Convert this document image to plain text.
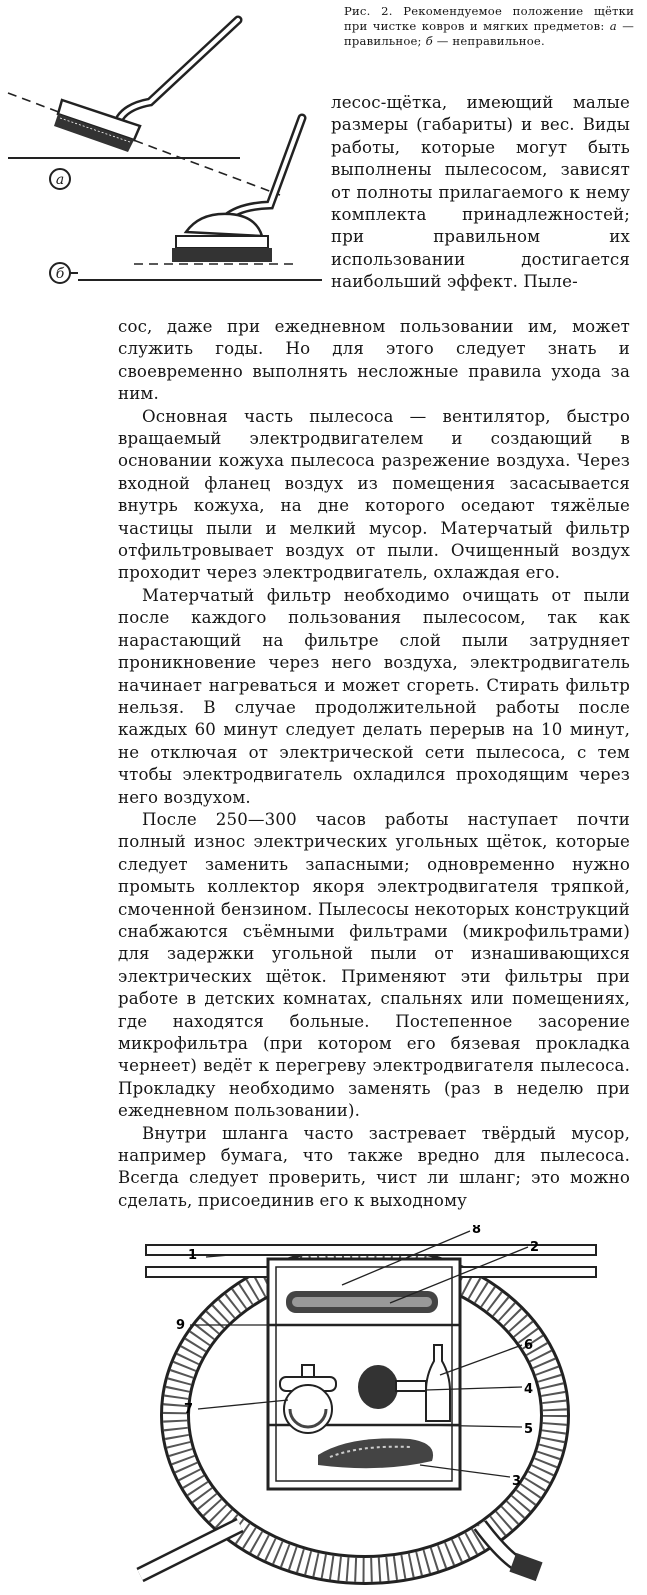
а
б
Рис. 2. Рекомендуемое положение щётки при чистке ковров и мягких предметов: а — правильное; б — неправильное.

лесос-щётка, имеющий малые размеры (габариты) и вес. Виды работы, которые могут быть выполнены пылесосом, зависят от полноты прилагаемого к нему комплекта принадлежностей; при правильном их использовании достигается наибольший эффект. Пыле-

сос, даже при ежедневном пользовании им, может служить годы. Но для этого следует знать и своевременно выполнять несложные правила ухода за ним.

Основная часть пылесоса — вентилятор, быстро вращаемый электродвигателем и создающий в основании кожуха пылесоса разрежение воздуха. Через входной фланец воздух из помещения засасывается внутрь кожуха, на дне которого оседают тяжёлые частицы пыли и мелкий мусор. Матерчатый фильтр отфильтровывает воздух от пыли. Очищенный воздух проходит через электродвигатель, охлаждая его.

Матерчатый фильтр необходимо очищать от пыли после каждого пользования пылесосом, так как нарастающий на фильтре слой пыли затрудняет проникновение через него воздуха, электродвигатель начинает нагреваться и может сгореть. Стирать фильтр нельзя. В случае продолжительной работы после каждых 60 минут следует делать перерыв на 10 минут, не отключая от электрической сети пылесоса, с тем чтобы электродвигатель охладился проходящим через него воздухом.

После 250—300 часов работы наступает почти полный износ электрических угольных щёток, которые следует заменить запасными; одновременно нужно промыть коллектор якоря электродвигателя тряпкой, смоченной бензином. Пылесосы некоторых конструкций снабжаются съёмными фильтрами (микрофильтрами) для задержки угольной пыли от изнашивающихся электрических щёток. Применяют эти фильтры при работе в детских комнатах, спальнях или помещениях, где находятся больные. Постепенное засорение микрофильтра (при котором его бязевая прокладка чернеет) ведёт к перегреву электродвигателя пылесоса. Прокладку необходимо заменять (раз в неделю при ежедневном пользовании).

Внутри шланга часто застревает твёрдый мусор, например бумага, что также вредно для пылесоса. Всегда следует проверить, чист ли шланг; это можно сделать, присоединив его к выходному

8
2
1
6
9
4
7
5
3
